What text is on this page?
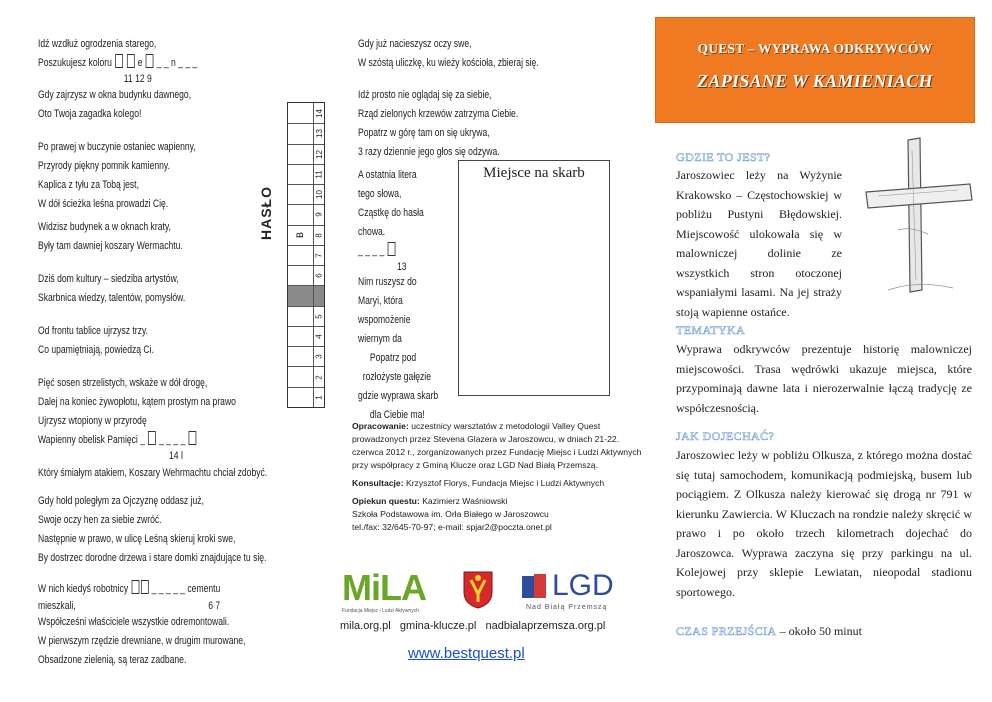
Idź wzdłuż ogrodzenia starego,
Poszukujesz koloru   e  _ _ n _ _ _
11 12 9
Gdy zajrzysz w okna budynku dawnego,
Oto Twoja zagadka kolego!
Po prawej w buczynie ostaniec wapienny,
Przyrody piękny pomnik kamienny.
Kaplica z tyłu za Tobą jest,
W dół ścieżka leśna prowadzi Cię.
Widzisz budynek a w oknach kraty,
Były tam dawniej koszary Wermachtu.
Dziś dom kultury – siedziba artystów,
Skarbnica wiedzy, talentów, pomysłów.
Od frontu tablice ujrzysz trzy.
Co upamiętniają, powiedzą Ci.
Pięć sosen strzelistych, wskaże w dół drogę,
Dalej na koniec żywopłotu, kątem prostym na prawo
Ujrzysz wtopiony w przyrodę
Wapienny obelisk Pamięci _  _ _ _ _
14 l
Który śmiałym atakiem, Koszary Wehrmachtu chciał zdobyć.
Gdy hołd poległym za Ojczyznę oddasz już,
Swoje oczy hen za siebie zwróć.
Następnie w prawo, w ulicę Leśną skieruj kroki swe,
By dostrzec dorodne drzewa i stare domki znajdujące tu się.
W nich kiedyś robotnicy  _ _ _ _ _ cementu
mieszkali,	6 7
Współcześni właściciele wszystkie odremontowali.
W pierwszym rzędzie drewniane, w drugim murowane,
Obsadzone zielenią, są teraz zadbane.
HASŁO
14
13
12
11
10
9
8
B
7
6
5
4
3
2
1
Gdy już nacieszysz oczy swe,
W szóstą uliczkę, ku wieży kościoła, zbieraj się.
Idź prosto nie oglądaj się za siebie,
Rząd zielonych krzewów zatrzyma Ciebie.
Popatrz w górę tam on się ukrywa,
3 razy dziennie jego głos się odzywa.
A ostatnia litera
tego słowa,
Cząstkę do hasła
chowa.
_ _ _ _
13
Nim ruszysz do
Maryi, która
wspomożenie
wiernym da
Popatrz pod
rozłożyste gałęzie
gdzie wyprawa skarb
dla Ciebie ma!
Miejsce na skarb

Opracowanie: uczestnicy warsztatów z metodologii Valley Quest prowadzonych przez Stevena Glazera w Jaroszowcu, w dniach 21-22. czerwca 2012 r., zorganizowanych przez Fundację Miejsc i Ludzi Aktywnych przy współpracy z Gminą Klucze oraz LGD Nad Białą Przemszą.

Konsultacje: Krzysztof Florys, Fundacja Miejsc i Ludzi Aktywnych

Opiekun questu: Kazimierz Waśniowski

Szkoła Podstawowa im. Orła Białego w Jaroszowcu
tel./fax: 32/645-70-97; e-mail: spjar2@poczta.onet.pl
MiLA
Fundacja Miejsc i Ludzi Aktywnych
LGD
Nad Białą Przemszą
mila.org.pl   gmina-klucze.pl   nadbialaprzemsza.org.pl
www.bestquest.pl
QUEST – WYPRAWA ODKRYWCÓW
ZAPISANE W KAMIENIACH
GDZIE TO JEST?
Jaroszowiec leży na Wyżynie Krakowsko – Częstochowskiej w pobliżu Pustyni Błędowskiej. Miejscowość ulokowała się w malowniczej dolinie ze wszystkich stron otoczonej wspaniałymi lasami. Na jej straży stoją wapienne ostańce.
TEMATYKA
Wyprawa odkrywców prezentuje historię malowniczej miejscowości. Trasa wędrówki ukazuje miejsca, które przypominają dawne lata i nierozerwalnie łączą tradycję ze współczesnością.
JAK DOJECHAĆ?
Jaroszowiec leży w pobliżu Olkusza, z którego można dostać się tutaj samochodem, komunikacją podmiejską, busem lub pociągiem. Z Olkusza należy kierować się drogą nr 791 w kierunku Zawiercia. W Kluczach na rondzie należy skręcić w prawo i po około trzech kilometrach dojechać do Jaroszowca. Wyprawa zaczyna się przy parkingu na ul. Kolejowej przy sklepie Lewiatan, nieopodal stadionu sportowego.
CZAS PRZEJŚCIA – około 50 minut
